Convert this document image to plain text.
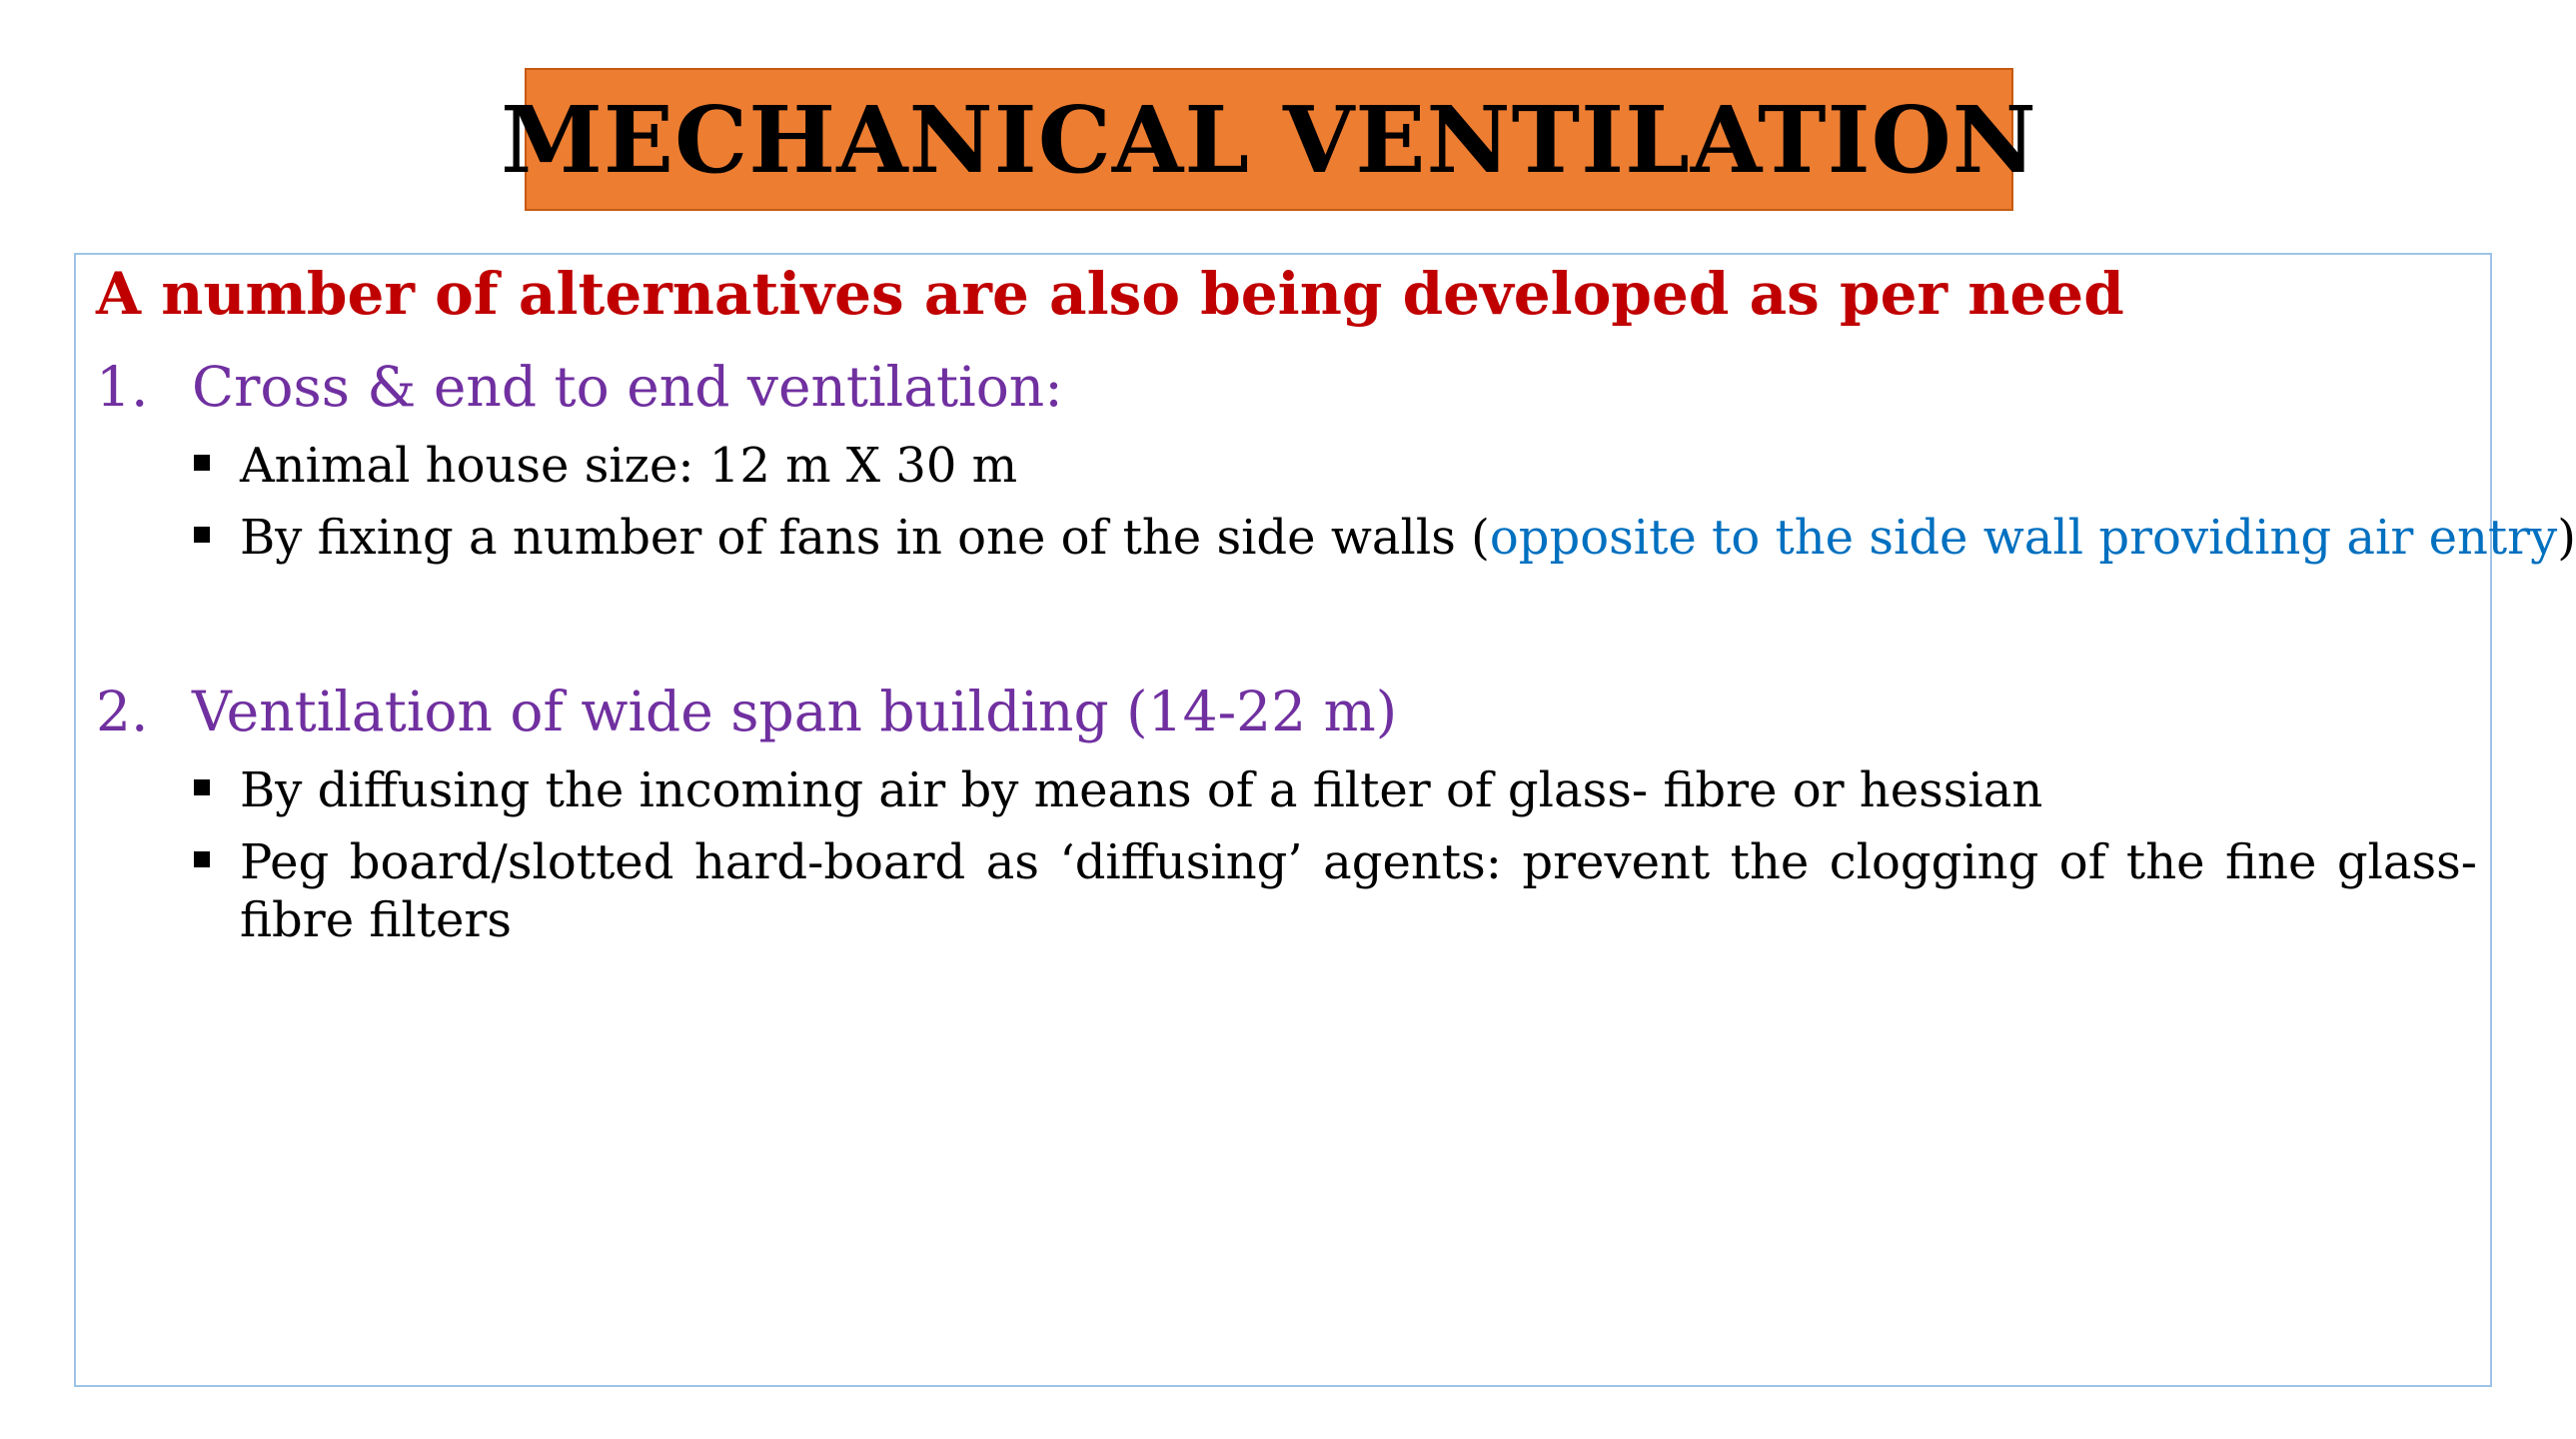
MECHANICAL VENTILATION
A number of alternatives are also being developed as per need
1. Cross & end to end ventilation:
Animal house size: 12 m X 30 m
By fixing a number of fans in one of the side walls (opposite to the side wall providing air entry)
2. Ventilation of wide span building (14-22 m)
By diffusing the incoming air by means of a filter of glass- fibre or hessian
Peg board/slotted hard-board as ‘diffusing’ agents: prevent the clogging of the fine glass-fibre filters
